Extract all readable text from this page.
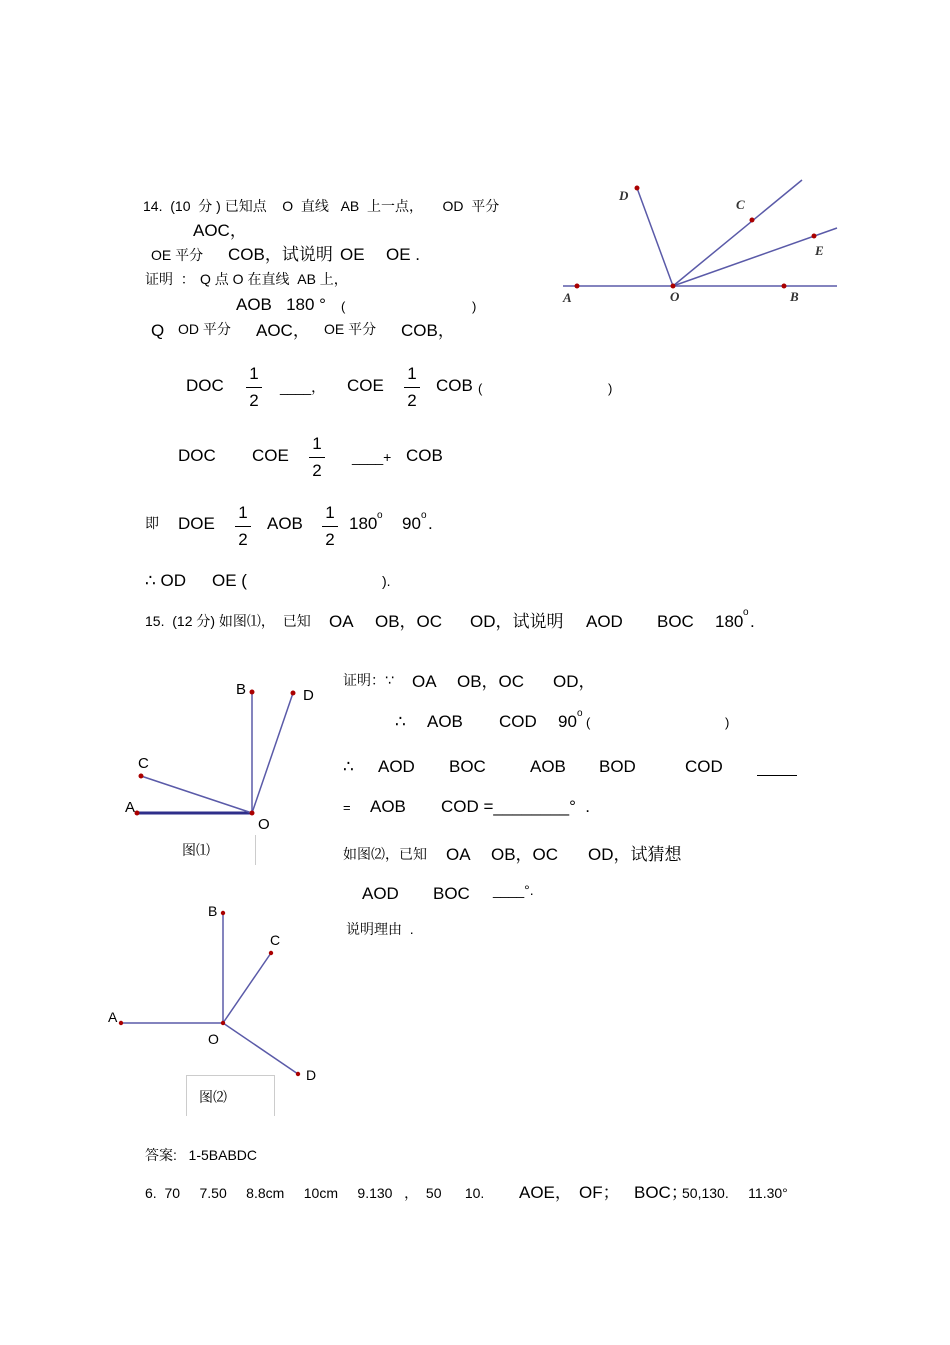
14.  (10  分 ) 已知点    O  直线   AB  上一点，     OD  平分
AOC，
OE 平分 COB，试说明 OE OE .
证明  ： Q 点 O 在直线  AB 上，
AOB   180 ° (	)
Q OD 平分 AOC， OE 平分 COB，
DOC
1
2
____， COE
1
2
COB (	)
DOC COE
1
2
____+ COB
即 DOE
1
2
AOB
1
2
180 o 90 o .
∴ OD OE (	).
D
C
E
A	O	B
15.  (12 分) 如图⑴，  已知 OA OB，OC OD，试说明 AOD BOC 180 o .
证明：∵ OA OB，OC OD，
∴ AOB COD 90 o
(	)
∴ AOD BOC	AOB BOD	COD
= AOB COD =________°  .
如图⑵，已知 OA OB，OC OD，试猜想
AOD BOC ____°.
说明理由  .
B	D
C
A
O
图⑴
B
C
A
O
D
图⑵
答案:   1-5BABDC
6.  70     7.50     8.8cm     10cm     9.130   ，  50      10. AOE， OF； BOC；
50,130.     11.30°
